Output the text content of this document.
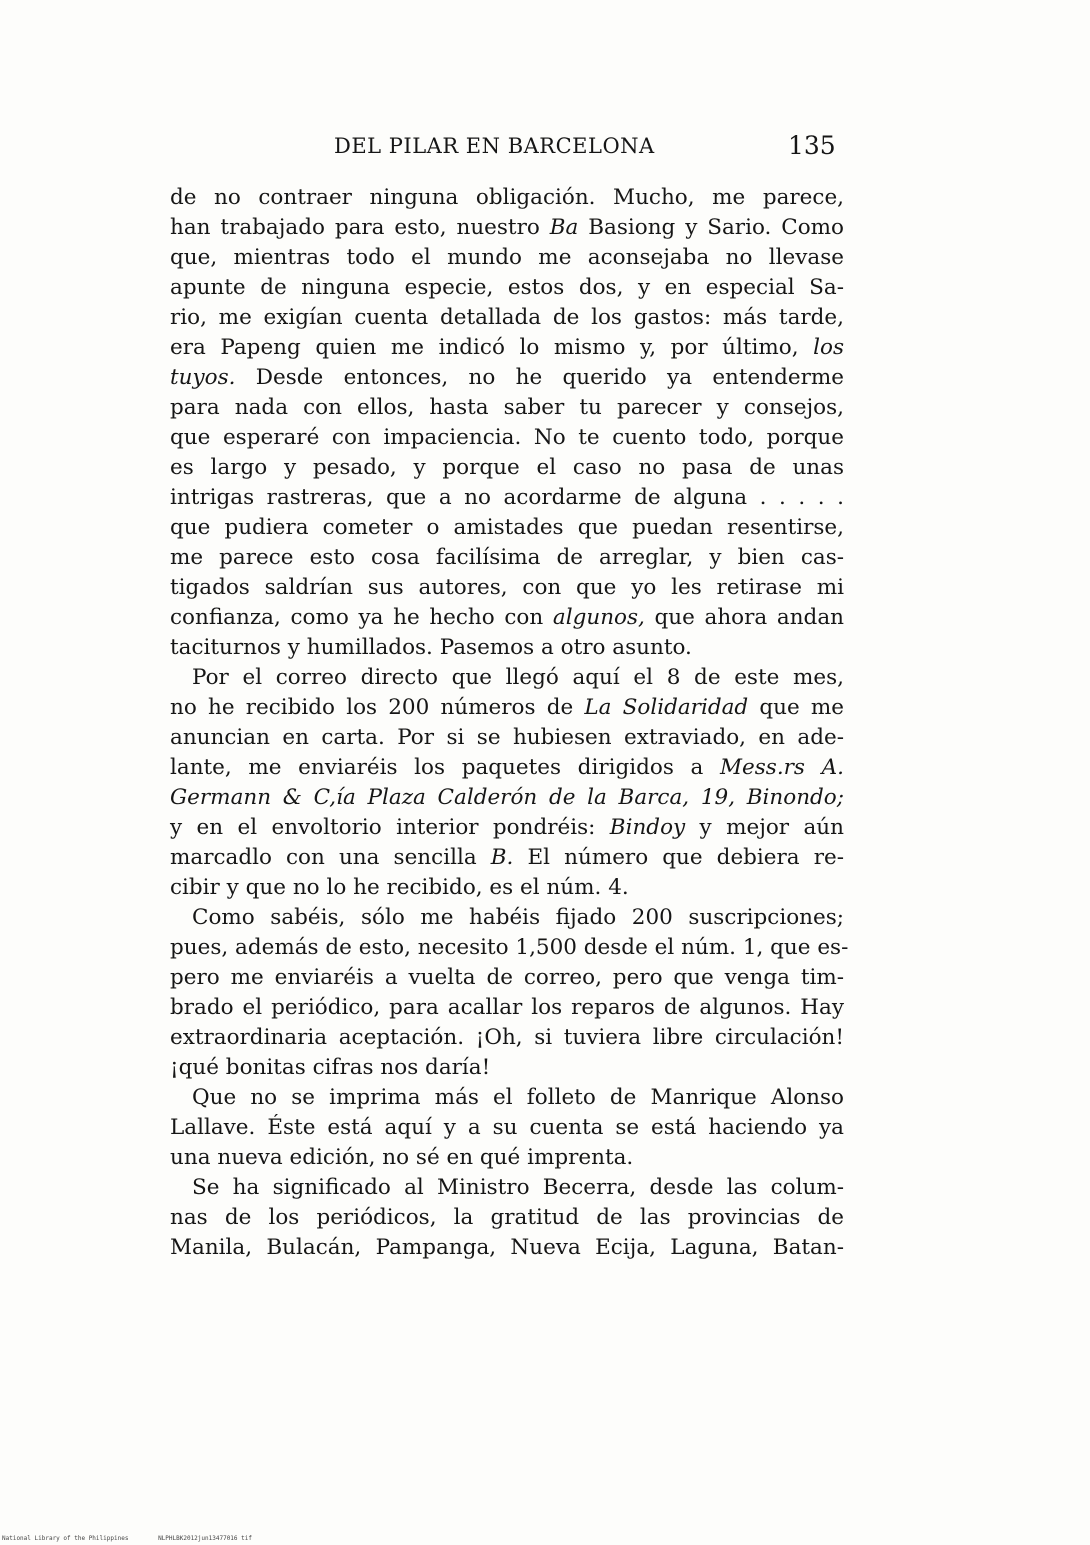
DEL PILAR EN BARCELONA	135
de no contraer ninguna obligación. Mucho, me parece,
han trabajado para esto, nuestro Ba Basiong y Sario. Como
que, mientras todo el mundo me aconsejaba no llevase
apunte de ninguna especie, estos dos, y en especial Sa-
rio, me exigían cuenta detallada de los gastos: más tarde,
era Papeng quien me indicó lo mismo y, por último, los
tuyos. Desde entonces, no he querido ya entenderme
para nada con ellos, hasta saber tu parecer y consejos,
que esperaré con impaciencia. No te cuento todo, porque
es largo y pesado, y porque el caso no pasa de unas
intrigas rastreras, que a no acordarme de alguna . . . . .
que pudiera cometer o amistades que puedan resentirse,
me parece esto cosa facilísima de arreglar, y bien cas-
tigados saldrían sus autores, con que yo les retirase mi
confianza, como ya he hecho con algunos, que ahora andan
taciturnos y humillados. Pasemos a otro asunto.
Por el correo directo que llegó aquí el 8 de este mes,
no he recibido los 200 números de La Solidaridad que me
anuncian en carta. Por si se hubiesen extraviado, en ade-
lante, me enviaréis los paquetes dirigidos a Mess.rs A.
Germann & C,ía Plaza Calderón de la Barca, 19, Binondo;
y en el envoltorio interior pondréis: Bindoy y mejor aún
marcadlo con una sencilla B. El número que debiera re-
cibir y que no lo he recibido, es el núm. 4.
Como sabéis, sólo me habéis fijado 200 suscripciones;
pues, además de esto, necesito 1,500 desde el núm. 1, que es-
pero me enviaréis a vuelta de correo, pero que venga tim-
brado el periódico, para acallar los reparos de algunos. Hay
extraordinaria aceptación. ¡Oh, si tuviera libre circulación!
¡qué bonitas cifras nos daría!
Que no se imprima más el folleto de Manrique Alonso
Lallave. Éste está aquí y a su cuenta se está haciendo ya
una nueva edición, no sé en qué imprenta.
Se ha significado al Ministro Becerra, desde las colum-
nas de los periódicos, la gratitud de las provincias de
Manila, Bulacán, Pampanga, Nueva Ecija, Laguna, Batan-
National Library of the Philippines	NLPHLBK2012jun13477016 tif
